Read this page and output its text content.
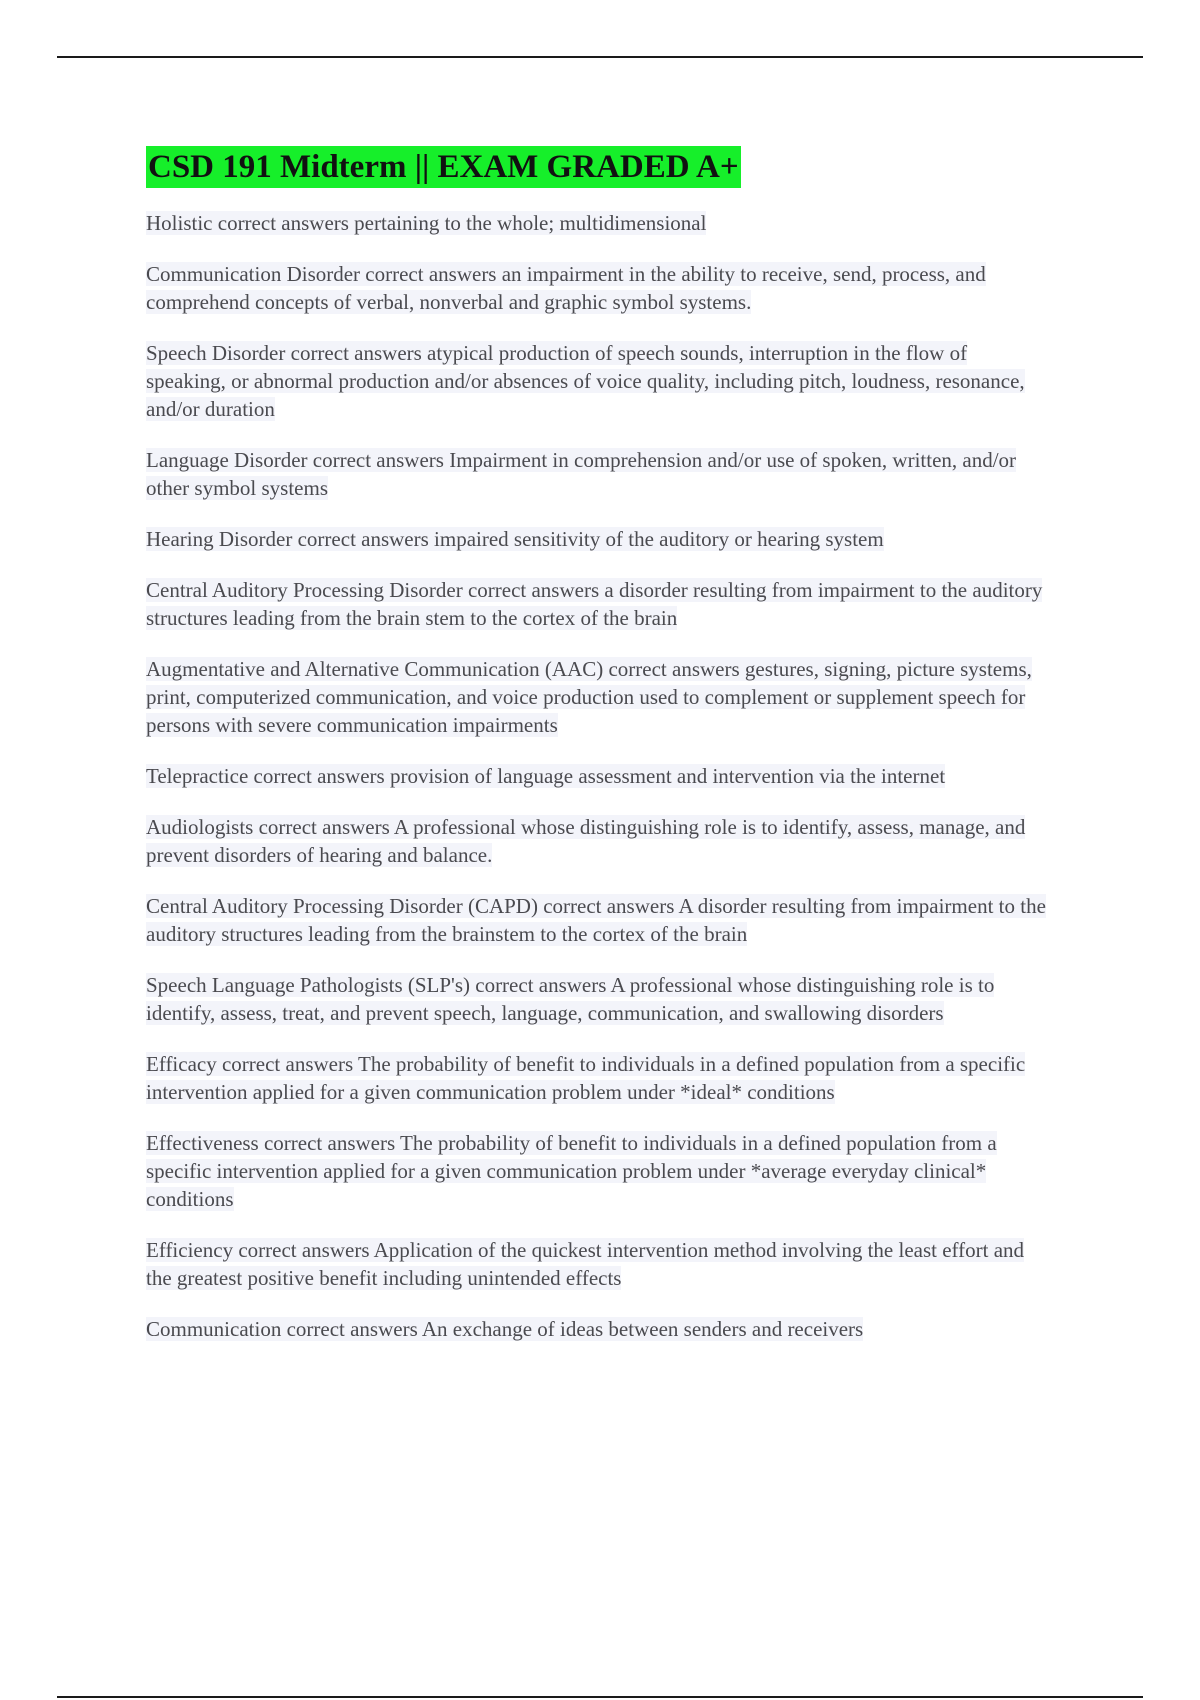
CSD 191 Midterm || EXAM GRADED A+

Holistic correct answers pertaining to the whole; multidimensional

Communication Disorder correct answers an impairment in the ability to receive, send, process, and comprehend concepts of verbal, nonverbal and graphic symbol systems.

Speech Disorder correct answers atypical production of speech sounds, interruption in the flow of speaking, or abnormal production and/or absences of voice quality, including pitch, loudness, resonance, and/or duration

Language Disorder correct answers Impairment in comprehension and/or use of spoken, written, and/or other symbol systems

Hearing Disorder correct answers impaired sensitivity of the auditory or hearing system

Central Auditory Processing Disorder correct answers a disorder resulting from impairment to the auditory structures leading from the brain stem to the cortex of the brain

Augmentative and Alternative Communication (AAC) correct answers gestures, signing, picture systems, print, computerized communication, and voice production used to complement or supplement speech for persons with severe communication impairments

Telepractice correct answers provision of language assessment and intervention via the internet

Audiologists correct answers A professional whose distinguishing role is to identify, assess, manage, and prevent disorders of hearing and balance.

Central Auditory Processing Disorder (CAPD) correct answers A disorder resulting from impairment to the auditory structures leading from the brainstem to the cortex of the brain

Speech Language Pathologists (SLP's) correct answers A professional whose distinguishing role is to identify, assess, treat, and prevent speech, language, communication, and swallowing disorders

Efficacy correct answers The probability of benefit to individuals in a defined population from a specific intervention applied for a given communication problem under *ideal* conditions

Effectiveness correct answers The probability of benefit to individuals in a defined population from a specific intervention applied for a given communication problem under *average everyday clinical* conditions

Efficiency correct answers Application of the quickest intervention method involving the least effort and the greatest positive benefit including unintended effects

Communication correct answers An exchange of ideas between senders and receivers
